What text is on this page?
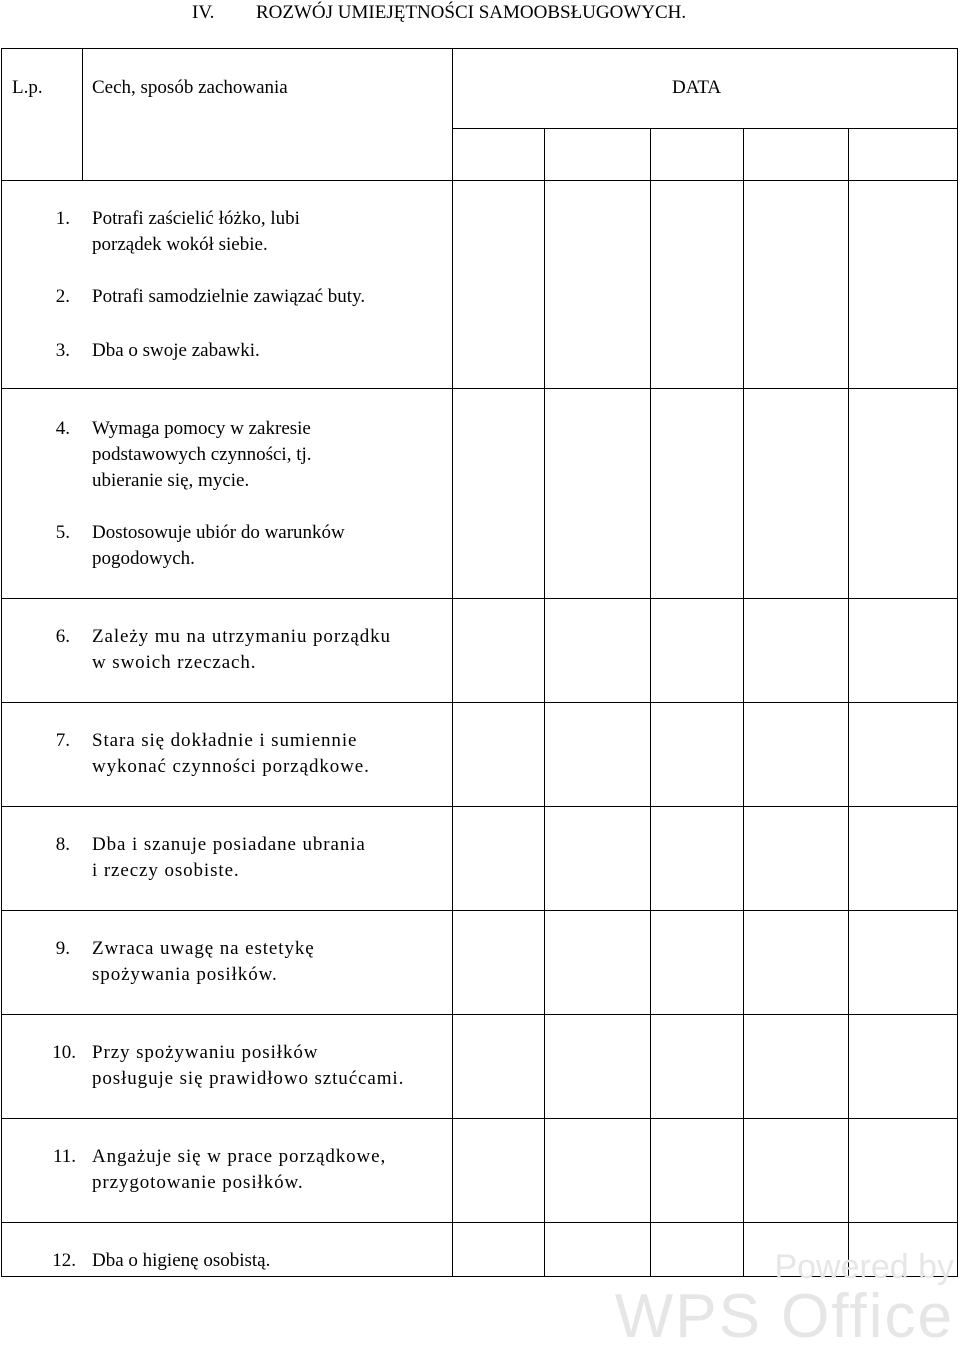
IV. ROZWÓJ UMIEJĘTNOŚCI SAMOOBSŁUGOWYCH.
L.p.	Cech, sposób zachowania	DATA
1. Potrafi zaścielić łóżko, lubi
porządek wokół siebie.
2. Potrafi samodzielnie zawiązać buty.
3. Dba o swoje zabawki.
4. Wymaga pomocy w zakresie
podstawowych czynności, tj.
ubieranie się, mycie.
5. Dostosowuje ubiór do warunków
pogodowych.
6. Zależy mu na utrzymaniu porządku
w swoich rzeczach.
7. Stara się dokładnie i sumiennie
wykonać czynności porządkowe.
8. Dba i szanuje posiadane ubrania
i rzeczy osobiste.
9. Zwraca uwagę na estetykę
spożywania posiłków.
10. Przy spożywaniu posiłków
posługuje się prawidłowo sztućcami.
11. Angażuje się w prace porządkowe,
przygotowanie posiłków.
12. Dba o higienę osobistą.	Powered by
WPS Office
